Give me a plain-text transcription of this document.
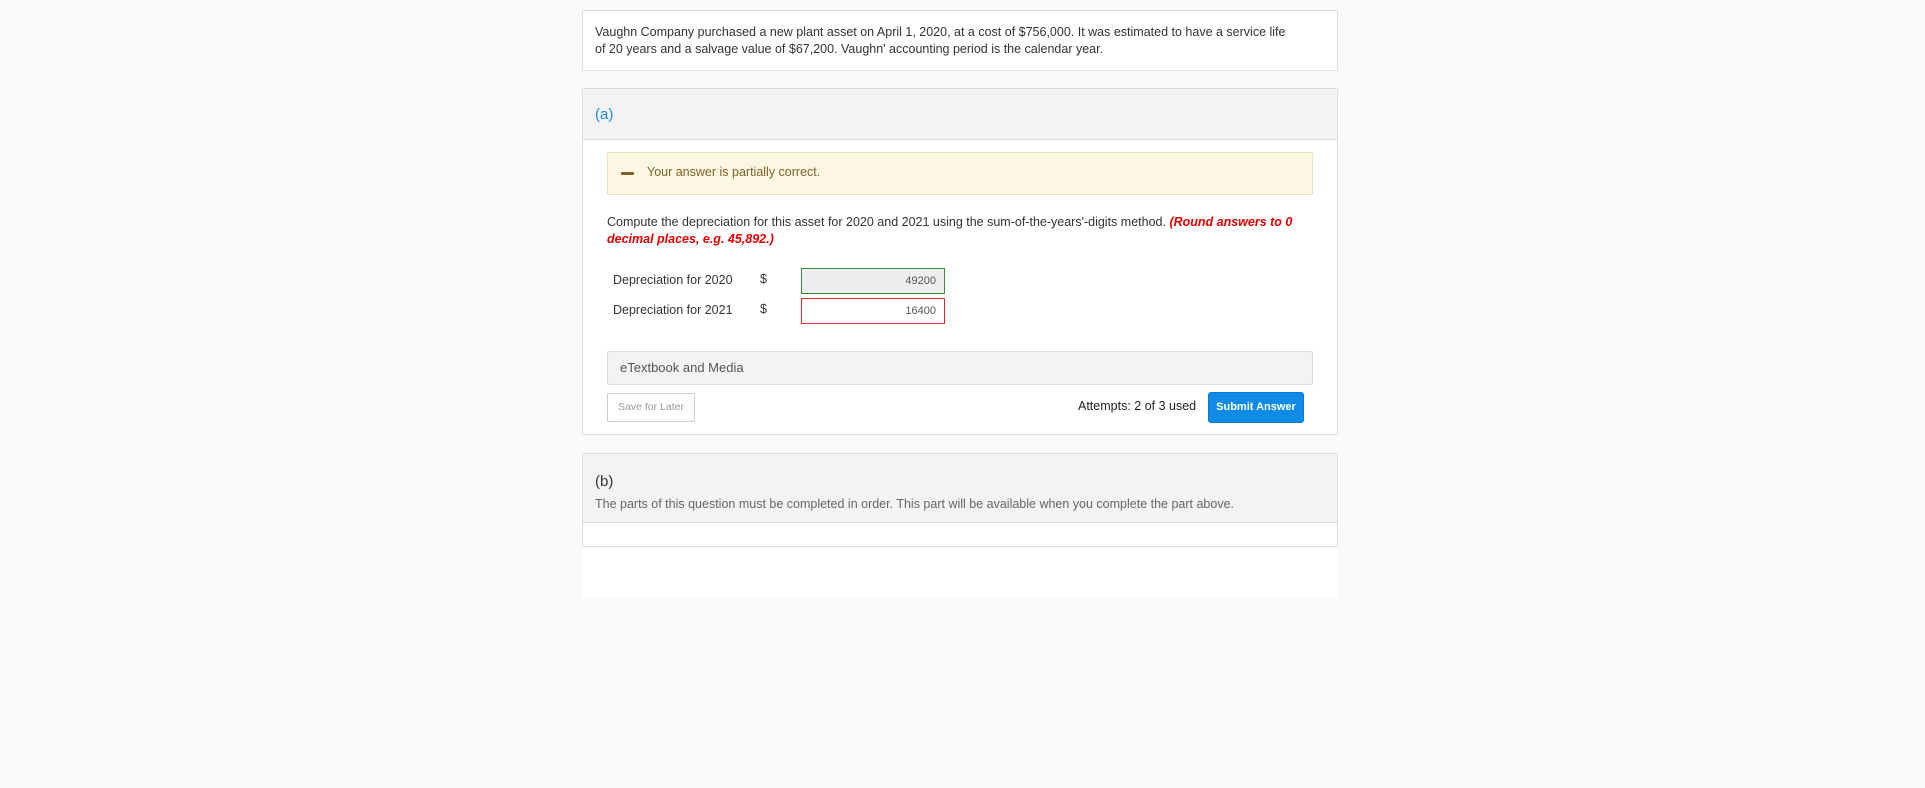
Vaughn Company purchased a new plant asset on April 1, 2020, at a cost of $756,000. It was estimated to have a service life of 20 years and a salvage value of $67,200. Vaughn' accounting period is the calendar year.
(a)
Your answer is partially correct.
Compute the depreciation for this asset for 2020 and 2021 using the sum-of-the-years'-digits method. (Round answers to 0 decimal places, e.g. 45,892.)
Depreciation for 2020 $
49200
Depreciation for 2021 $
16400
eTextbook and Media
Save for Later	Attempts: 2 of 3 used	Submit Answer
(b)
The parts of this question must be completed in order. This part will be available when you complete the part above.
